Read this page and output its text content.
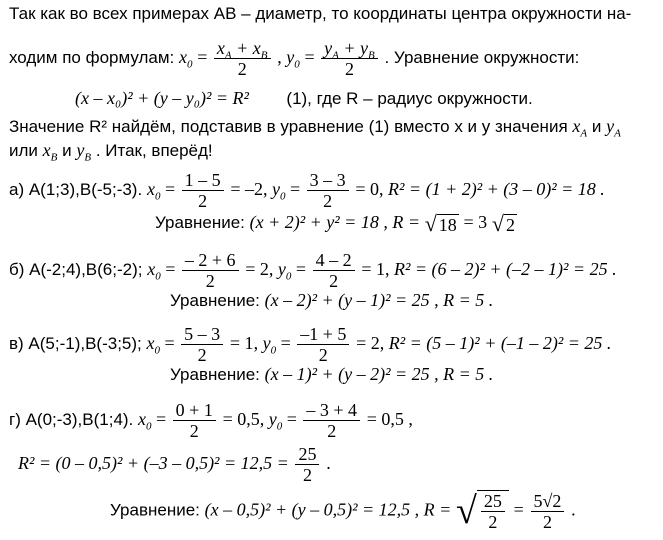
Так как во всех примерах AB – диаметр, то координаты центра окружности на-
ходим по формулам: $x_0 = \frac{x_A + x_B}{2}$ , $y_0 = \frac{y_A + y_B}{2}$ . Уравнение окружности:
(x – x₀)² + (y – y₀)² = R² (1), где R – радиус окружности.
Значение R² найдём, подставив в уравнение (1) вместо x и y значения $x_A$ и $y_A$
или $x_B$ и $y_B$ . Итак, вперёд!
а) A(1;3),B(-5;-3). $x_0 = \frac{1 - 5}{2} = -2$, $y_0 = \frac{3 - 3}{2} = 0$, R² = (1 + 2)² + (3 – 0)² = 18 .
Уравнение: (x + 2)² + y² = 18 , R = √ 18 = 3 √ 2
б) A(-2;4),B(6;-2); $x_0 = \frac{- 2 + 6}{2} = 2$, $y_0 = \frac{4 - 2}{2} = 1$, R² = (6 – 2)² + (–2 – 1)² = 25 .
Уравнение: (x – 2)² + (y – 1)² = 25 , R = 5 .
в) A(5;-1),B(-3;5); $x_0 = \frac{5 - 3}{2} = 1$, $y_0 = \frac{-1 + 5}{2} = 2$, R² = (5 – 1)² + (–1 – 2)² = 25 .
Уравнение: (x – 1)² + (y – 2)² = 25 , R = 5 .
г) A(0;-3),B(1;4). $x_0 = \frac{0 + 1}{2} = 0,5$, $y_0 = \frac{- 3 + 4}{2} = 0,5$ ,
$R^2 = (0 - 0,5)^2 + (-3 - 0,5)^2 = 12,5 = \frac{25}{2}$ .
Уравнение: (x – 0,5)² + (y – 0,5)² = 12,5 , R = √ $\frac{25}{2} = \frac{5√2}{2}$ .
